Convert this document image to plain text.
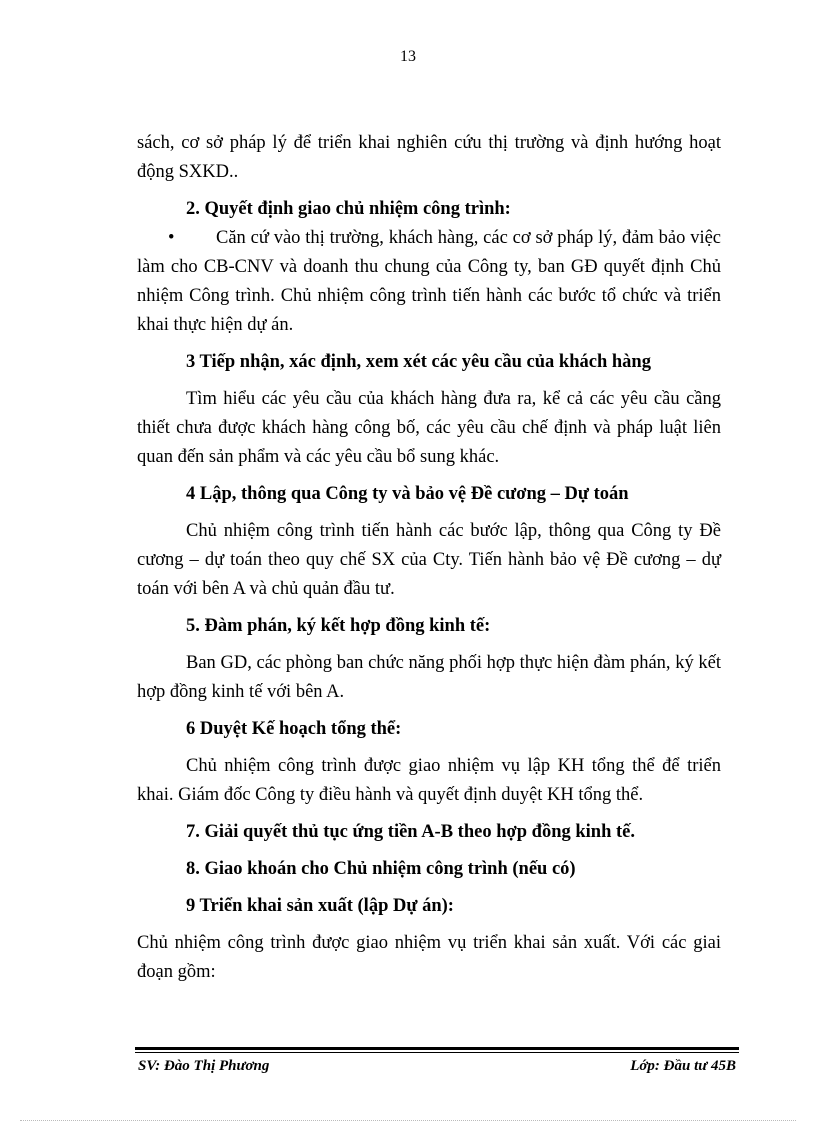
13

sách, cơ sở pháp lý để triển khai nghiên cứu thị trường và định hướng hoạt động SXKD..

2. Quyết định giao chủ nhiệm công trình:

• Căn cứ vào thị trường, khách hàng, các cơ sở pháp lý, đảm bảo việc làm cho CB-CNV và doanh thu chung của Công ty, ban GĐ quyết định Chủ nhiệm Công trình. Chủ nhiệm công trình tiến hành các bước tổ chức và triển khai thực hiện dự án.

3 Tiếp nhận, xác định, xem xét các yêu cầu của khách hàng

Tìm hiểu các yêu cầu của khách hàng đưa ra, kể cả các yêu cầu cầng thiết chưa được khách hàng công bố, các yêu cầu chế định và pháp luật liên quan đến sản phẩm và các yêu cầu bổ sung khác.

4 Lập, thông qua Công ty và bảo vệ Đề cương – Dự toán

Chủ nhiệm công trình tiến hành các bước lập, thông qua Công ty Đề cương – dự toán theo quy chế SX của Cty. Tiến hành bảo vệ Đề cương – dự toán với bên A và chủ quản đầu tư.

5. Đàm phán, ký kết hợp đồng kinh tế:

Ban GD, các phòng ban chức năng phối hợp thực hiện đàm phán, ký kết hợp đồng kinh tế với bên A.

6 Duyệt Kế hoạch tổng thể:

Chủ nhiệm công trình được giao nhiệm vụ lập KH tổng thể để triển khai. Giám đốc Công ty điều hành và quyết định duyệt KH tổng thể.

7. Giải quyết thủ tục ứng tiền A-B theo hợp đồng kinh tế.

8. Giao khoán cho Chủ nhiệm công trình (nếu có)

9 Triển khai sản xuất (lập Dự án):

Chủ nhiệm công trình được giao nhiệm vụ triển khai sản xuất. Với các giai đoạn gồm:

SV: Đào Thị Phương	Lớp: Đầu tư 45B
